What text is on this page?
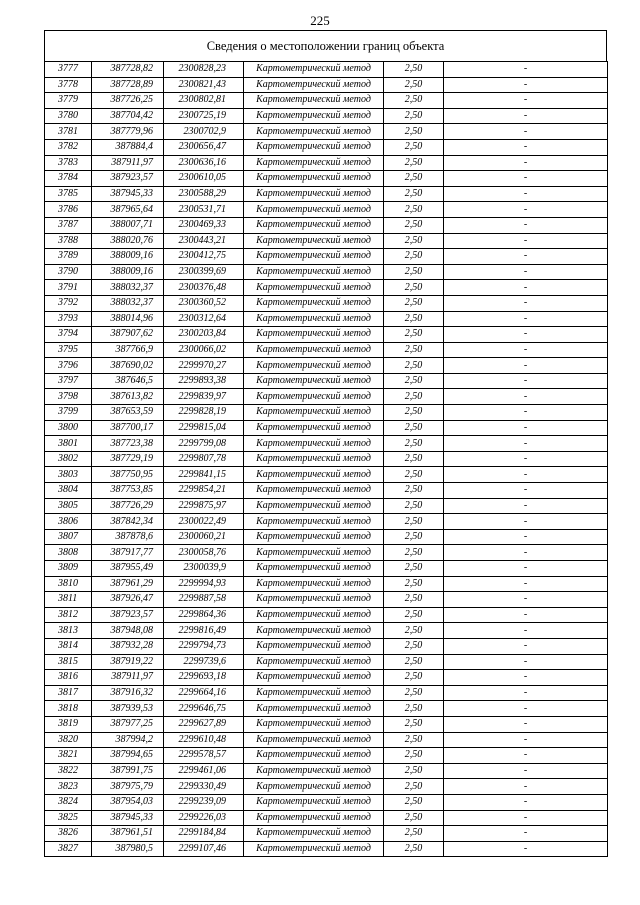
225
Сведения о местоположении границ объекта
3777	387728,82	2300828,23	Картометрический метод	2,50	-
3778	387728,89	2300821,43	Картометрический метод	2,50	-
3779	387726,25	2300802,81	Картометрический метод	2,50	-
3780	387704,42	2300725,19	Картометрический метод	2,50	-
3781	387779,96	2300702,9	Картометрический метод	2,50	-
3782	387884,4	2300656,47	Картометрический метод	2,50	-
3783	387911,97	2300636,16	Картометрический метод	2,50	-
3784	387923,57	2300610,05	Картометрический метод	2,50	-
3785	387945,33	2300588,29	Картометрический метод	2,50	-
3786	387965,64	2300531,71	Картометрический метод	2,50	-
3787	388007,71	2300469,33	Картометрический метод	2,50	-
3788	388020,76	2300443,21	Картометрический метод	2,50	-
3789	388009,16	2300412,75	Картометрический метод	2,50	-
3790	388009,16	2300399,69	Картометрический метод	2,50	-
3791	388032,37	2300376,48	Картометрический метод	2,50	-
3792	388032,37	2300360,52	Картометрический метод	2,50	-
3793	388014,96	2300312,64	Картометрический метод	2,50	-
3794	387907,62	2300203,84	Картометрический метод	2,50	-
3795	387766,9	2300066,02	Картометрический метод	2,50	-
3796	387690,02	2299970,27	Картометрический метод	2,50	-
3797	387646,5	2299893,38	Картометрический метод	2,50	-
3798	387613,82	2299839,97	Картометрический метод	2,50	-
3799	387653,59	2299828,19	Картометрический метод	2,50	-
3800	387700,17	2299815,04	Картометрический метод	2,50	-
3801	387723,38	2299799,08	Картометрический метод	2,50	-
3802	387729,19	2299807,78	Картометрический метод	2,50	-
3803	387750,95	2299841,15	Картометрический метод	2,50	-
3804	387753,85	2299854,21	Картометрический метод	2,50	-
3805	387726,29	2299875,97	Картометрический метод	2,50	-
3806	387842,34	2300022,49	Картометрический метод	2,50	-
3807	387878,6	2300060,21	Картометрический метод	2,50	-
3808	387917,77	2300058,76	Картометрический метод	2,50	-
3809	387955,49	2300039,9	Картометрический метод	2,50	-
3810	387961,29	2299994,93	Картометрический метод	2,50	-
3811	387926,47	2299887,58	Картометрический метод	2,50	-
3812	387923,57	2299864,36	Картометрический метод	2,50	-
3813	387948,08	2299816,49	Картометрический метод	2,50	-
3814	387932,28	2299794,73	Картометрический метод	2,50	-
3815	387919,22	2299739,6	Картометрический метод	2,50	-
3816	387911,97	2299693,18	Картометрический метод	2,50	-
3817	387916,32	2299664,16	Картометрический метод	2,50	-
3818	387939,53	2299646,75	Картометрический метод	2,50	-
3819	387977,25	2299627,89	Картометрический метод	2,50	-
3820	387994,2	2299610,48	Картометрический метод	2,50	-
3821	387994,65	2299578,57	Картометрический метод	2,50	-
3822	387991,75	2299461,06	Картометрический метод	2,50	-
3823	387975,79	2299330,49	Картометрический метод	2,50	-
3824	387954,03	2299239,09	Картометрический метод	2,50	-
3825	387945,33	2299226,03	Картометрический метод	2,50	-
3826	387961,51	2299184,84	Картометрический метод	2,50	-
3827	387980,5	2299107,46	Картометрический метод	2,50	-
